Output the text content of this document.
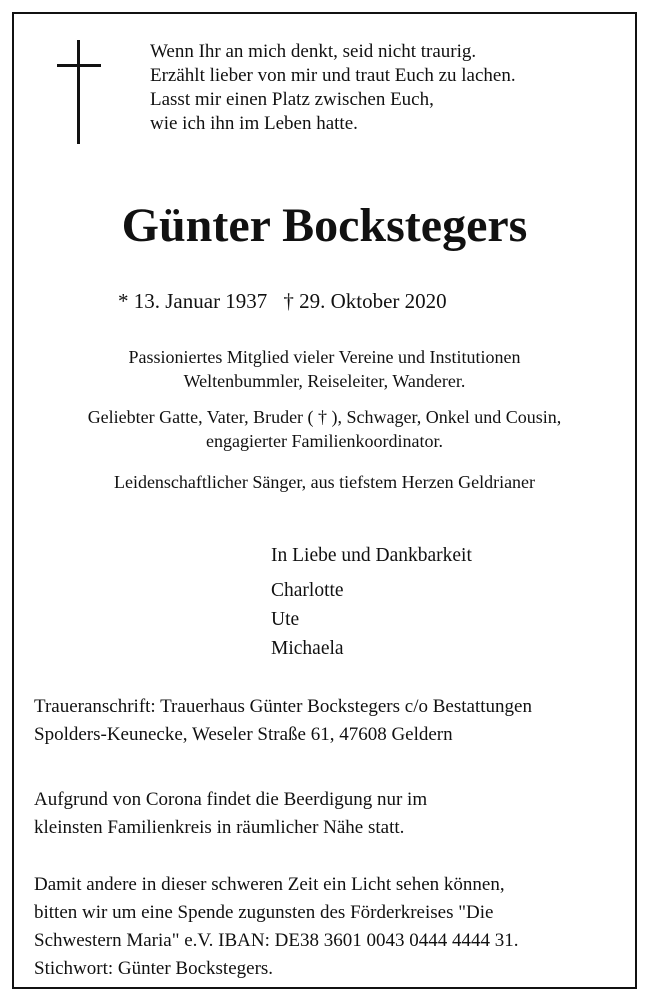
Wenn Ihr an mich denkt, seid nicht traurig.
Erzählt lieber von mir und traut Euch zu lachen.
Lasst mir einen Platz zwischen Euch,
wie ich ihn im Leben hatte.
Günter Bockstegers
* 13. Januar 1937 † 29. Oktober 2020
Passioniertes Mitglied vieler Vereine und Institutionen
Weltenbummler, Reiseleiter, Wanderer.
Geliebter Gatte, Vater, Bruder ( † ), Schwager, Onkel und Cousin,
engagierter Familienkoordinator.
Leidenschaftlicher Sänger, aus tiefstem Herzen Geldrianer
In Liebe und Dankbarkeit
Charlotte
Ute
Michaela
Traueranschrift: Trauerhaus Günter Bockstegers c/o Bestattungen
Spolders-Keunecke, Weseler Straße 61, 47608 Geldern
Aufgrund von Corona findet die Beerdigung nur im
kleinsten Familienkreis in räumlicher Nähe statt.
Damit andere in dieser schweren Zeit ein Licht sehen können,
bitten wir um eine Spende zugunsten des Förderkreises "Die
Schwestern Maria" e.V. IBAN: DE38 3601 0043 0444 4444 31.
Stichwort: Günter Bockstegers.
